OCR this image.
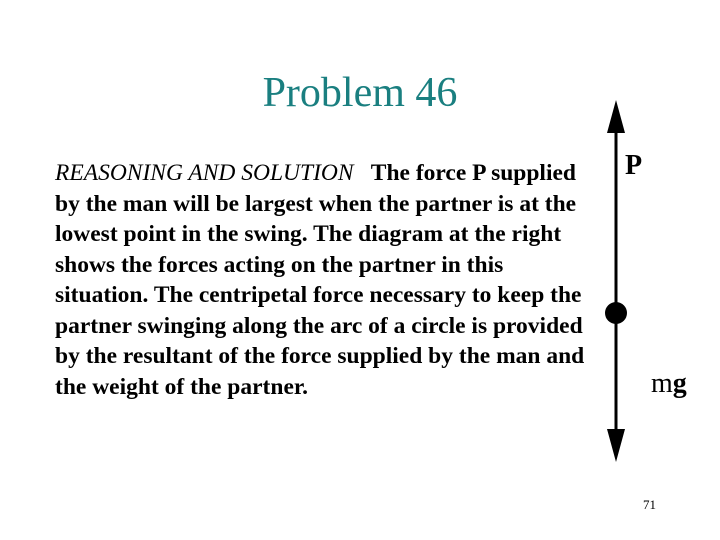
Problem 46
REASONING AND SOLUTION The force P supplied by the man will be largest when the partner is at the lowest point in the swing. The diagram at the right shows the forces acting on the partner in this situation. The centripetal force necessary to keep the partner swinging along the arc of a circle is provided by the resultant of the force supplied by the man and the weight of the partner.
P
mg
71
